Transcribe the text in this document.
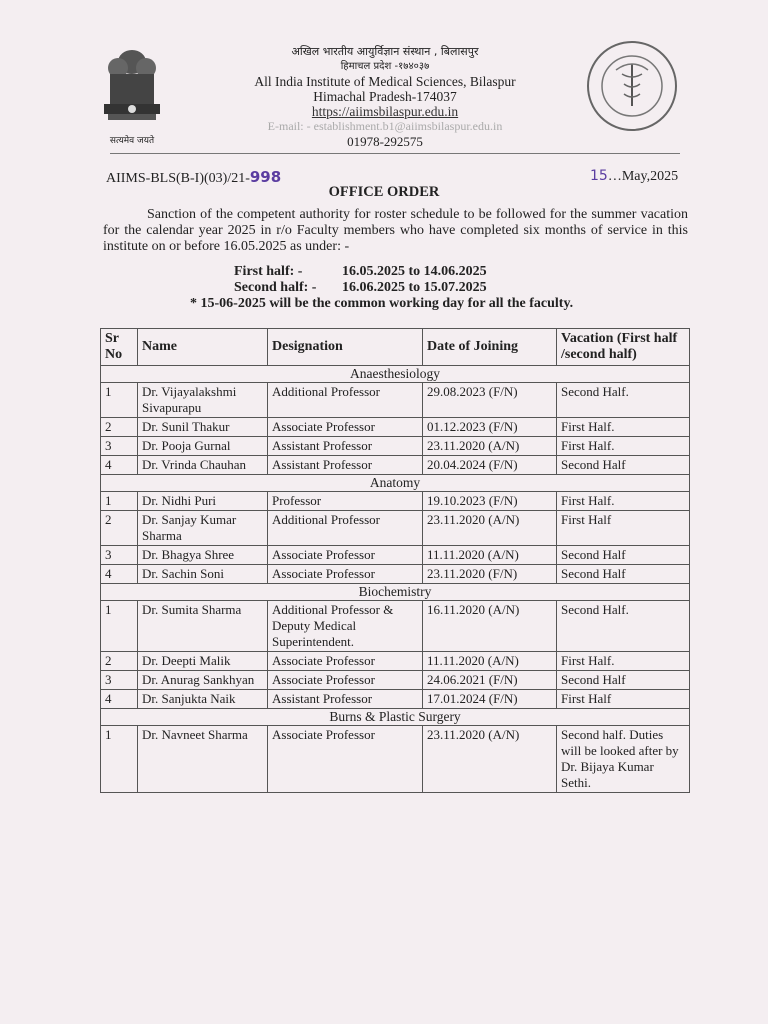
सत्यमेव जयते
अखिल भारतीय आयुर्विज्ञान संस्थान , बिलासपुर
हिमाचल प्रदेश -१७४०३७
All India Institute of Medical Sciences, Bilaspur
Himachal Pradesh-174037
https://aiimsbilaspur.edu.in
E-mail: - establishment.b1@aiimsbilaspur.edu.in
01978-292575
AIIMS-BLS(B-I)(03)/21-998	15…May,2025
OFFICE ORDER
Sanction of the competent authority for roster schedule to be followed for the summer vacation for the calendar year 2025 in r/o Faculty members who have completed six months of service in this institute on or before 16.05.2025 as under: -
First half: -	16.05.2025 to 14.06.2025
Second half: - 16.06.2025 to 15.07.2025
* 15-06-2025 will be the common working day for all the faculty.
Sr No	Name	Designation	Date of Joining	Vacation (First half /second half)
Anaesthesiology				
1	Dr. Vijayalakshmi Sivapurapu	Additional Professor	29.08.2023 (F/N)	Second Half.
2	Dr. Sunil Thakur	Associate Professor	01.12.2023 (F/N)	First Half.
3	Dr. Pooja Gurnal	Assistant Professor	23.11.2020 (A/N)	First Half.
4	Dr. Vrinda Chauhan	Assistant Professor	20.04.2024 (F/N)	Second Half
Anatomy				
1	Dr. Nidhi Puri	Professor	19.10.2023 (F/N)	First Half.
2	Dr. Sanjay Kumar Sharma	Additional Professor	23.11.2020 (A/N)	First Half
3	Dr. Bhagya Shree	Associate Professor	11.11.2020 (A/N)	Second Half
4	Dr. Sachin Soni	Associate Professor	23.11.2020 (F/N)	Second Half
Biochemistry				
1	Dr. Sumita Sharma	Additional Professor & Deputy Medical Superintendent.	16.11.2020 (A/N)	Second Half.
2	Dr. Deepti Malik	Associate Professor	11.11.2020 (A/N)	First Half.
3	Dr. Anurag Sankhyan	Associate Professor	24.06.2021 (F/N)	Second Half
4	Dr. Sanjukta Naik	Assistant Professor	17.01.2024 (F/N)	First Half
Burns & Plastic Surgery				
1	Dr. Navneet Sharma	Associate Professor	23.11.2020 (A/N)	Second half. Duties will be looked after by Dr. Bijaya Kumar Sethi.
